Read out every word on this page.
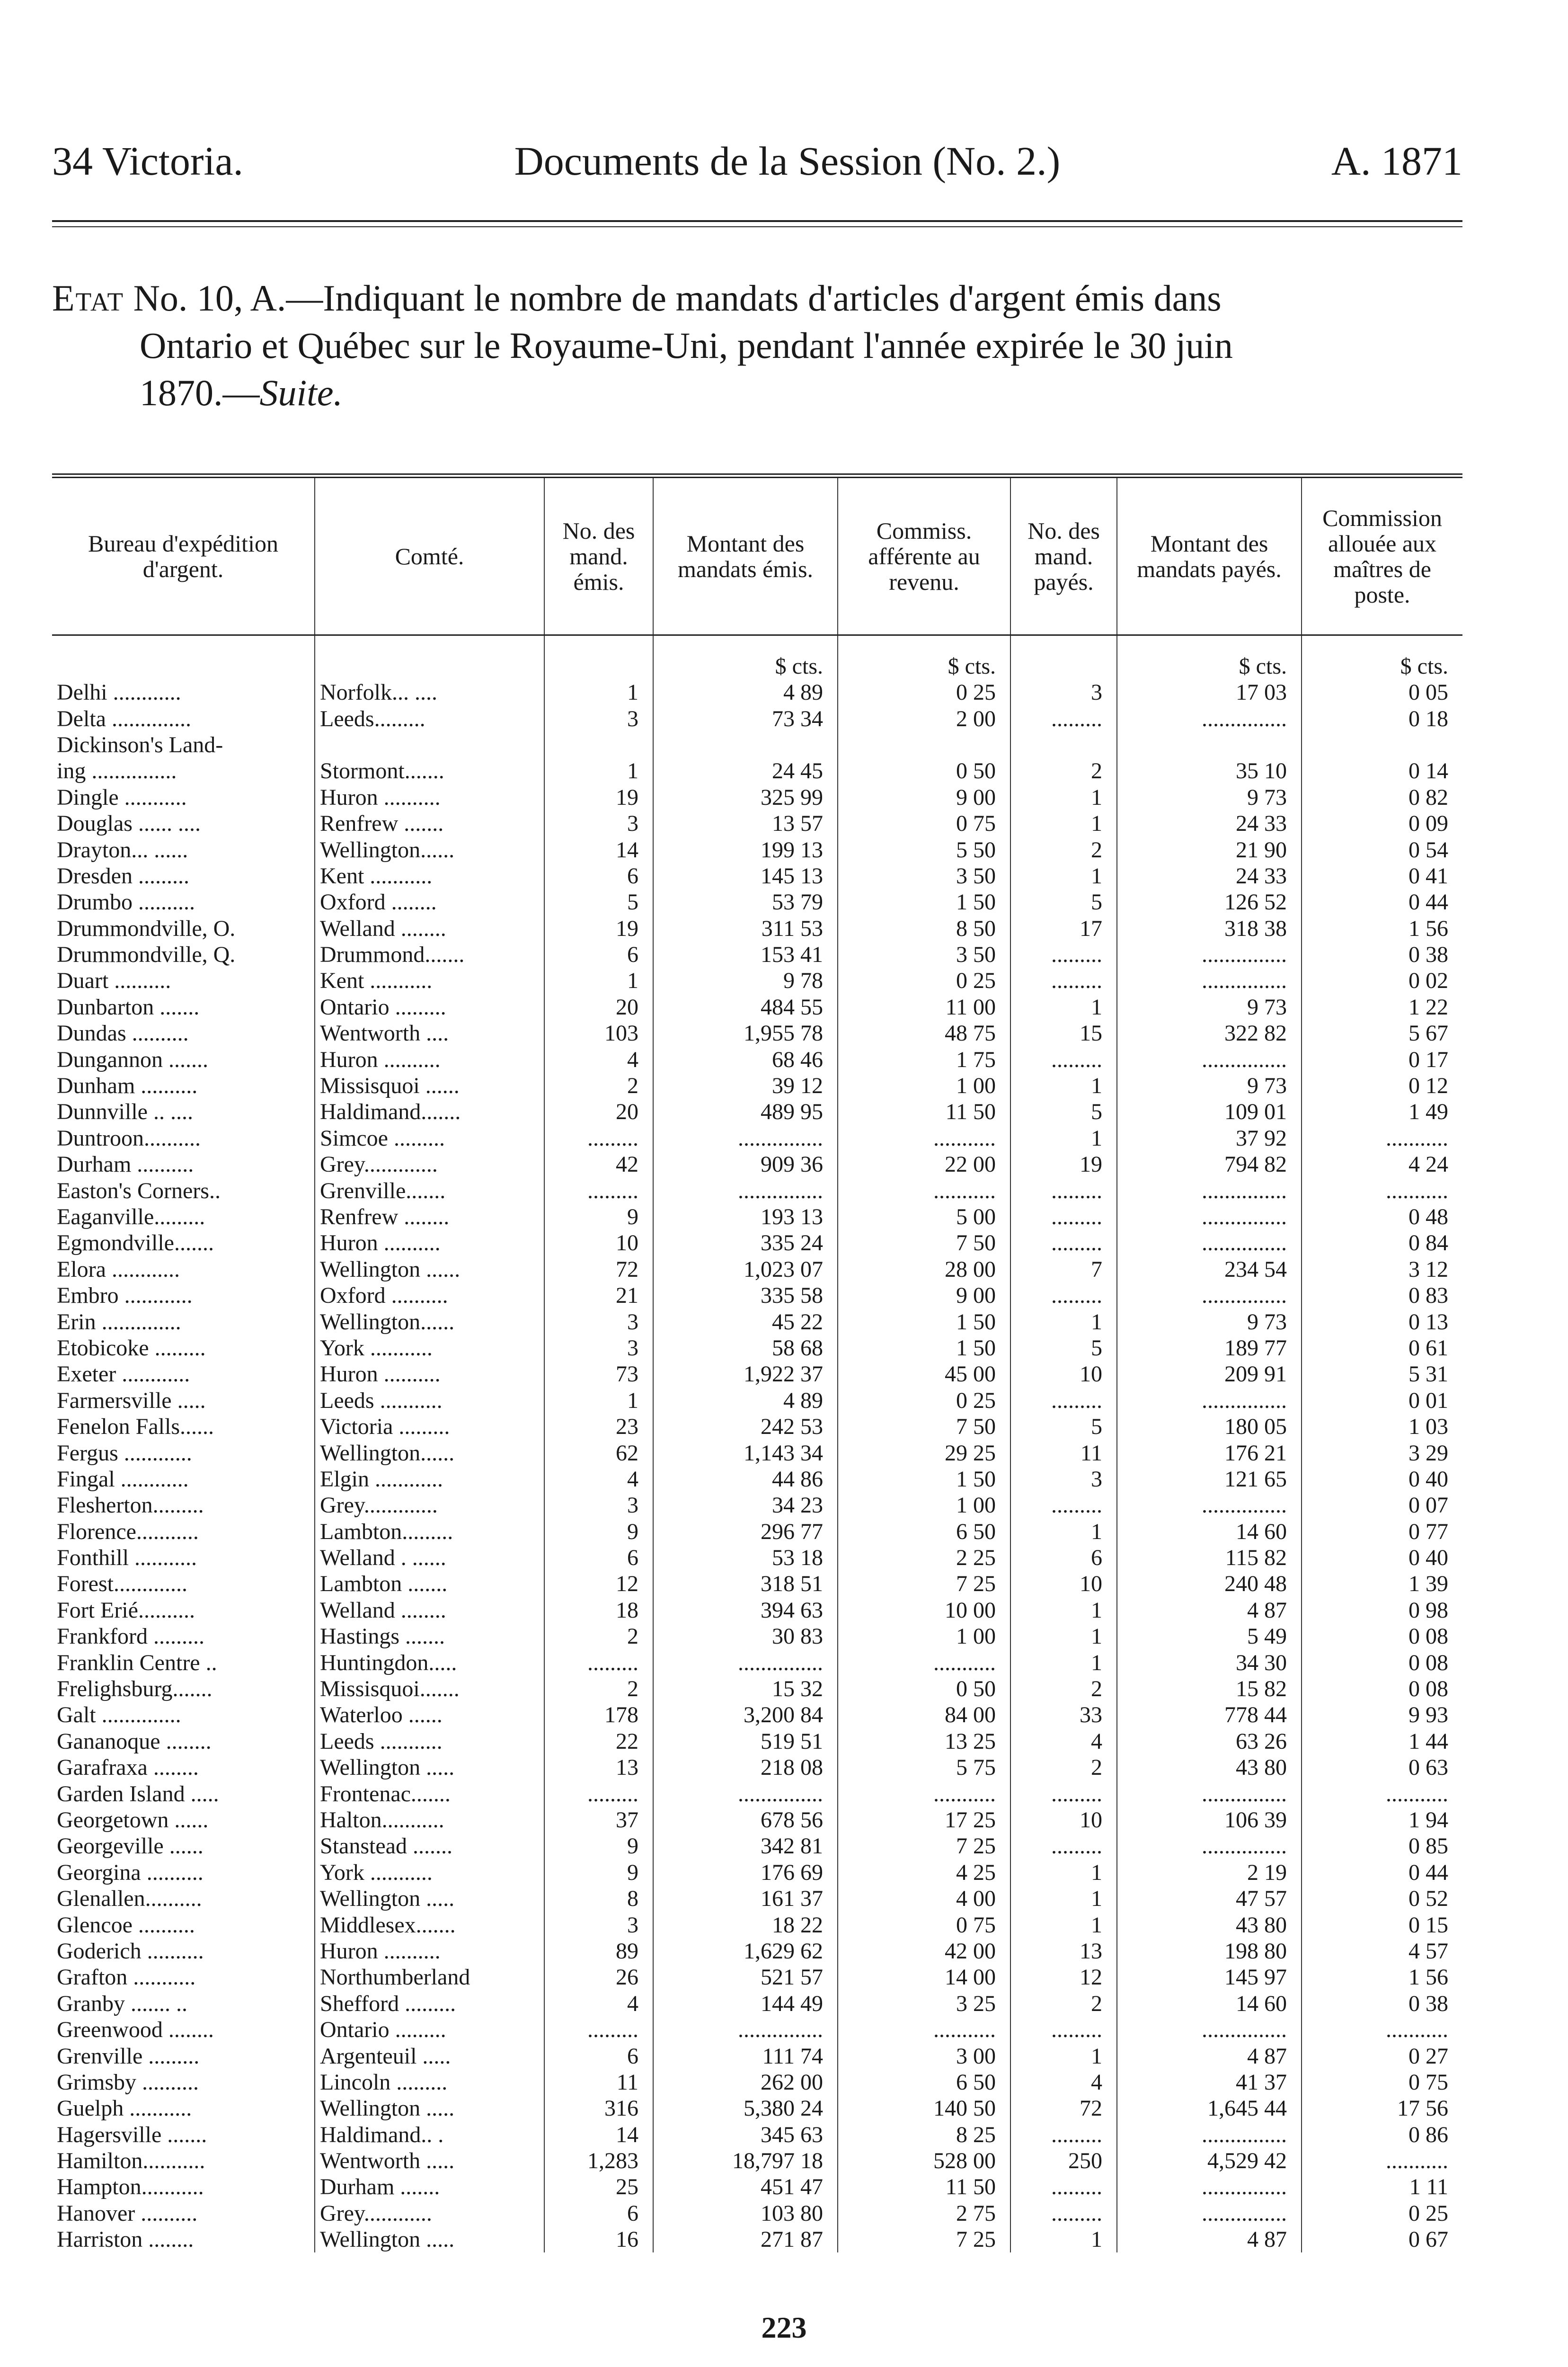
34 Victoria.	Documents de la Session (No. 2.)	A. 1871
Etat No. 10, A.—Indiquant le nombre de mandats d'articles d'argent émis dans
Ontario et Québec sur le Royaume-Uni, pendant l'année expirée le 30 juin
1870.—Suite.
Bureau d'expédition d'argent.	Comté.	No. des mand. émis.	Montant des mandats émis.	Commiss. afférente au revenu.	No. des mand. payés.	Montant des mandats payés.	Commission allouée aux maîtres de poste.
			$ cts.	$ cts.		$ cts.	$ cts.
Delhi ............	Norfolk... ....	1	4 89	0 25	3	17 03	0 05
Delta ..............	Leeds.........	3	73 34	2 00	.........	...............	0 18
Dickinson's Land-							
ing ...............	Stormont.......	1	24 45	0 50	2	35 10	0 14
Dingle ...........	Huron ..........	19	325 99	9 00	1	9 73	0 82
Douglas ...... ....	Renfrew .......	3	13 57	0 75	1	24 33	0 09
Drayton... ......	Wellington......	14	199 13	5 50	2	21 90	0 54
Dresden .........	Kent ...........	6	145 13	3 50	1	24 33	0 41
Drumbo ..........	Oxford ........	5	53 79	1 50	5	126 52	0 44
Drummondville, O.	Welland ........	19	311 53	8 50	17	318 38	1 56
Drummondville, Q.	Drummond.......	6	153 41	3 50	.........	...............	0 38
Duart ..........	Kent ...........	1	9 78	0 25	.........	...............	0 02
Dunbarton .......	Ontario .........	20	484 55	11 00	1	9 73	1 22
Dundas ..........	Wentworth ....	103	1,955 78	48 75	15	322 82	5 67
Dungannon .......	Huron ..........	4	68 46	1 75	.........	...............	0 17
Dunham ..........	Missisquoi ......	2	39 12	1 00	1	9 73	0 12
Dunnville .. ....	Haldimand.......	20	489 95	11 50	5	109 01	1 49
Duntroon..........	Simcoe .........	.........	...............	...........	1	37 92	...........
Durham ..........	Grey.............	42	909 36	22 00	19	794 82	4 24
Easton's Corners..	Grenville.......	.........	...............	...........	.........	...............	...........
Eaganville.........	Renfrew ........	9	193 13	5 00	.........	...............	0 48
Egmondville.......	Huron ..........	10	335 24	7 50	.........	...............	0 84
Elora ............	Wellington ......	72	1,023 07	28 00	7	234 54	3 12
Embro ............	Oxford ..........	21	335 58	9 00	.........	...............	0 83
Erin ..............	Wellington......	3	45 22	1 50	1	9 73	0 13
Etobicoke .........	York ...........	3	58 68	1 50	5	189 77	0 61
Exeter ............	Huron ..........	73	1,922 37	45 00	10	209 91	5 31
Farmersville .....	Leeds ...........	1	4 89	0 25	.........	...............	0 01
Fenelon Falls......	Victoria .........	23	242 53	7 50	5	180 05	1 03
Fergus ............	Wellington......	62	1,143 34	29 25	11	176 21	3 29
Fingal ............	Elgin ............	4	44 86	1 50	3	121 65	0 40
Flesherton.........	Grey.............	3	34 23	1 00	.........	...............	0 07
Florence...........	Lambton.........	9	296 77	6 50	1	14 60	0 77
Fonthill ...........	Welland . ......	6	53 18	2 25	6	115 82	0 40
Forest.............	Lambton .......	12	318 51	7 25	10	240 48	1 39
Fort Erié..........	Welland ........	18	394 63	10 00	1	4 87	0 98
Frankford .........	Hastings .......	2	30 83	1 00	1	5 49	0 08
Franklin Centre ..	Huntingdon.....	.........	...............	...........	1	34 30	0 08
Frelighsburg.......	Missisquoi.......	2	15 32	0 50	2	15 82	0 08
Galt ..............	Waterloo ......	178	3,200 84	84 00	33	778 44	9 93
Gananoque ........	Leeds ...........	22	519 51	13 25	4	63 26	1 44
Garafraxa ........	Wellington .....	13	218 08	5 75	2	43 80	0 63
Garden Island .....	Frontenac.......	.........	...............	...........	.........	...............	...........
Georgetown ......	Halton...........	37	678 56	17 25	10	106 39	1 94
Georgeville ......	Stanstead .......	9	342 81	7 25	.........	...............	0 85
Georgina ..........	York ...........	9	176 69	4 25	1	2 19	0 44
Glenallen..........	Wellington .....	8	161 37	4 00	1	47 57	0 52
Glencoe ..........	Middlesex.......	3	18 22	0 75	1	43 80	0 15
Goderich ..........	Huron ..........	89	1,629 62	42 00	13	198 80	4 57
Grafton ...........	Northumberland	26	521 57	14 00	12	145 97	1 56
Granby ....... ..	Shefford .........	4	144 49	3 25	2	14 60	0 38
Greenwood ........	Ontario .........	.........	...............	...........	.........	...............	...........
Grenville .........	Argenteuil .....	6	111 74	3 00	1	4 87	0 27
Grimsby ..........	Lincoln .........	11	262 00	6 50	4	41 37	0 75
Guelph ...........	Wellington .....	316	5,380 24	140 50	72	1,645 44	17 56
Hagersville .......	Haldimand.. .	14	345 63	8 25	.........	...............	0 86
Hamilton...........	Wentworth .....	1,283	18,797 18	528 00	250	4,529 42	...........
Hampton...........	Durham .......	25	451 47	11 50	.........	...............	1 11
Hanover ..........	Grey............	6	103 80	2 75	.........	...............	0 25
Harriston ........	Wellington .....	16	271 87	7 25	1	4 87	0 67
223
